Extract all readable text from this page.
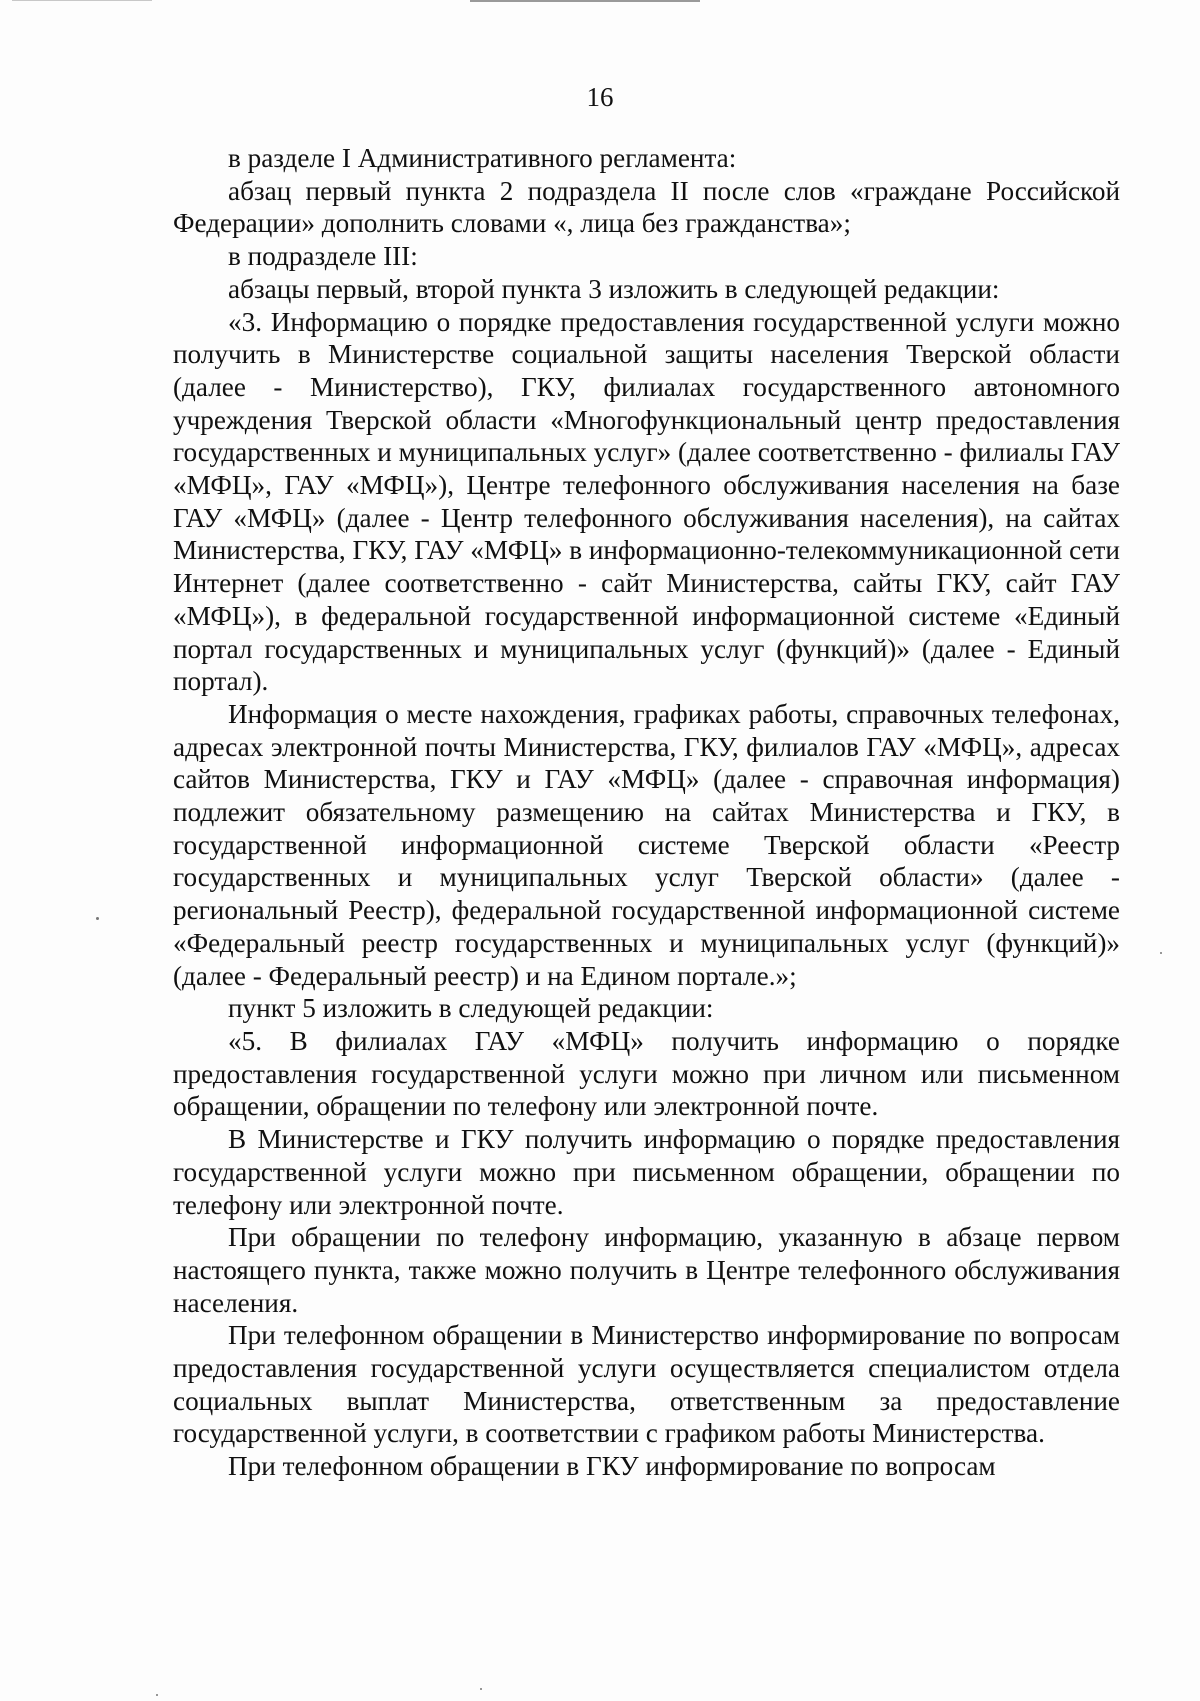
16

в разделе I Административного регламента:

абзац первый пункта 2 подраздела II после слов «граждане Российской Федерации» дополнить словами «, лица без гражданства»;

в подразделе III:

абзацы первый, второй пункта 3 изложить в следующей редакции:

«3. Информацию о порядке предоставления государственной услуги можно получить в Министерстве социальной защиты населения Тверской области (далее - Министерство), ГКУ, филиалах государственного автономного учреждения Тверской области «Многофункциональный центр предоставления государственных и муниципальных услуг» (далее соответственно - филиалы ГАУ «МФЦ», ГАУ «МФЦ»), Центре телефонного обслуживания населения на базе ГАУ «МФЦ» (далее - Центр телефонного обслуживания населения), на сайтах Министерства, ГКУ, ГАУ «МФЦ» в информационно-телекоммуникационной сети Интернет (далее соответственно - сайт Министерства, сайты ГКУ, сайт ГАУ «МФЦ»), в федеральной государственной информационной системе «Единый портал государственных и муниципальных услуг (функций)» (далее - Единый портал).

Информация о месте нахождения, графиках работы, справочных телефонах, адресах электронной почты Министерства, ГКУ, филиалов ГАУ «МФЦ», адресах сайтов Министерства, ГКУ и ГАУ «МФЦ» (далее - справочная информация) подлежит обязательному размещению на сайтах Министерства и ГКУ, в государственной информационной системе Тверской области «Реестр государственных и муниципальных услуг Тверской области» (далее - региональный Реестр), федеральной государственной информационной системе «Федеральный реестр государственных и муниципальных услуг (функций)» (далее - Федеральный реестр) и на Едином портале.»;

пункт 5 изложить в следующей редакции:

«5. В филиалах ГАУ «МФЦ» получить информацию о порядке предоставления государственной услуги можно при личном или письменном обращении, обращении по телефону или электронной почте.

В Министерстве и ГКУ получить информацию о порядке предоставления государственной услуги можно при письменном обращении, обращении по телефону или электронной почте.

При обращении по телефону информацию, указанную в абзаце первом настоящего пункта, также можно получить в Центре телефонного обслуживания населения.

При телефонном обращении в Министерство информирование по вопросам предоставления государственной услуги осуществляется специалистом отдела социальных выплат Министерства, ответственным за предоставление государственной услуги, в соответствии с графиком работы Министерства.

При телефонном обращении в ГКУ информирование по вопросам
